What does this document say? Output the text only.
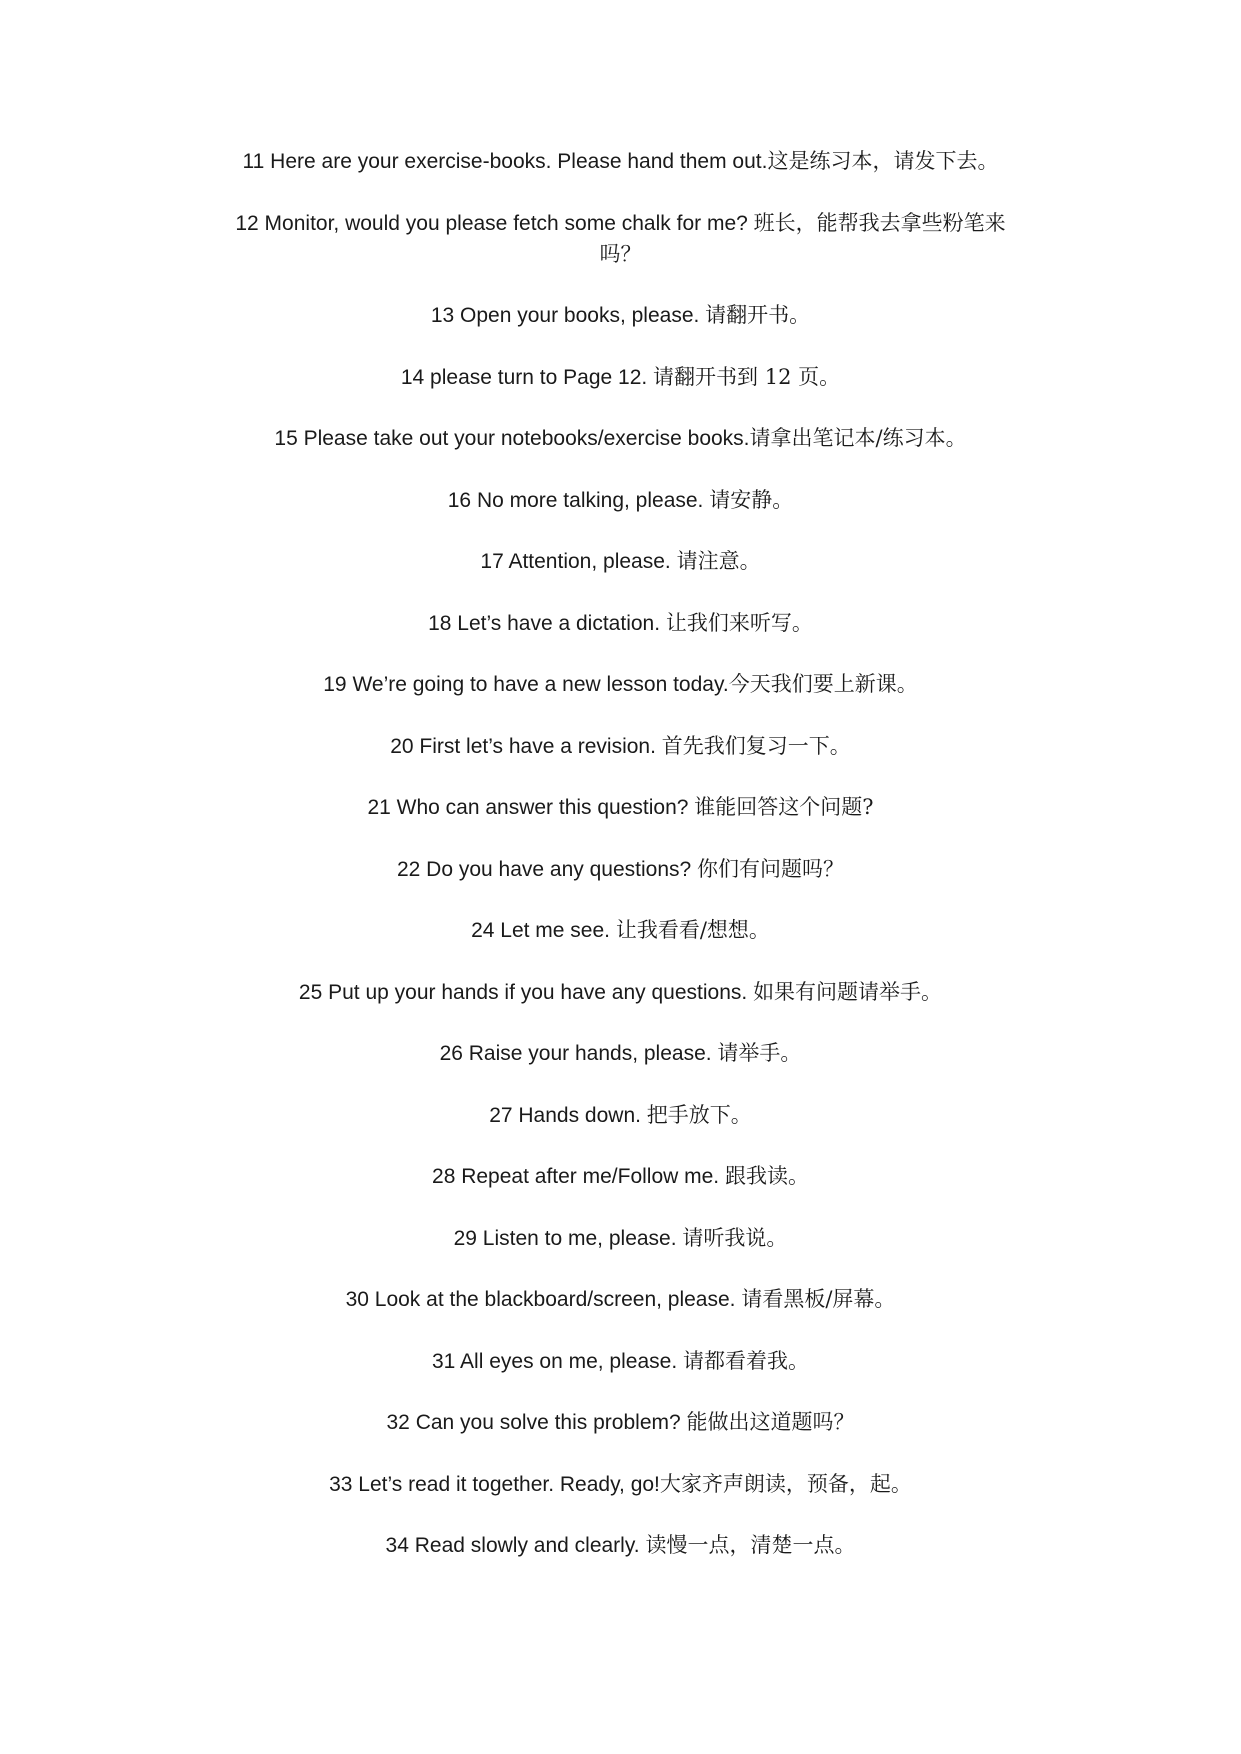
11 Here are your exercise-books. Please hand them out.这是练习本，请发下去。
12 Monitor, would you please fetch some chalk for me? 班长，能帮我去拿些粉笔来吗？
13 Open your books, please. 请翻开书。
14 please turn to Page 12. 请翻开书到 12 页。
15 Please take out your notebooks/exercise books.请拿出笔记本/练习本。
16 No more talking, please. 请安静。
17 Attention, please. 请注意。
18 Let’s have a dictation. 让我们来听写。
19 We’re going to have a new lesson today.今天我们要上新课。
20 First let’s have a revision. 首先我们复习一下。
21 Who can answer this question? 谁能回答这个问题?
22 Do you have any questions? 你们有问题吗？
24 Let me see. 让我看看/想想。
25 Put up your hands if you have any questions. 如果有问题请举手。
26 Raise your hands, please. 请举手。
27 Hands down. 把手放下。
28 Repeat after me/Follow me. 跟我读。
29 Listen to me, please. 请听我说。
30 Look at the blackboard/screen, please. 请看黑板/屏幕。
31 All eyes on me, please. 请都看着我。
32 Can you solve this problem? 能做出这道题吗？
33 Let’s read it together. Ready, go!大家齐声朗读，预备，起。
34 Read slowly and clearly. 读慢一点，清楚一点。
